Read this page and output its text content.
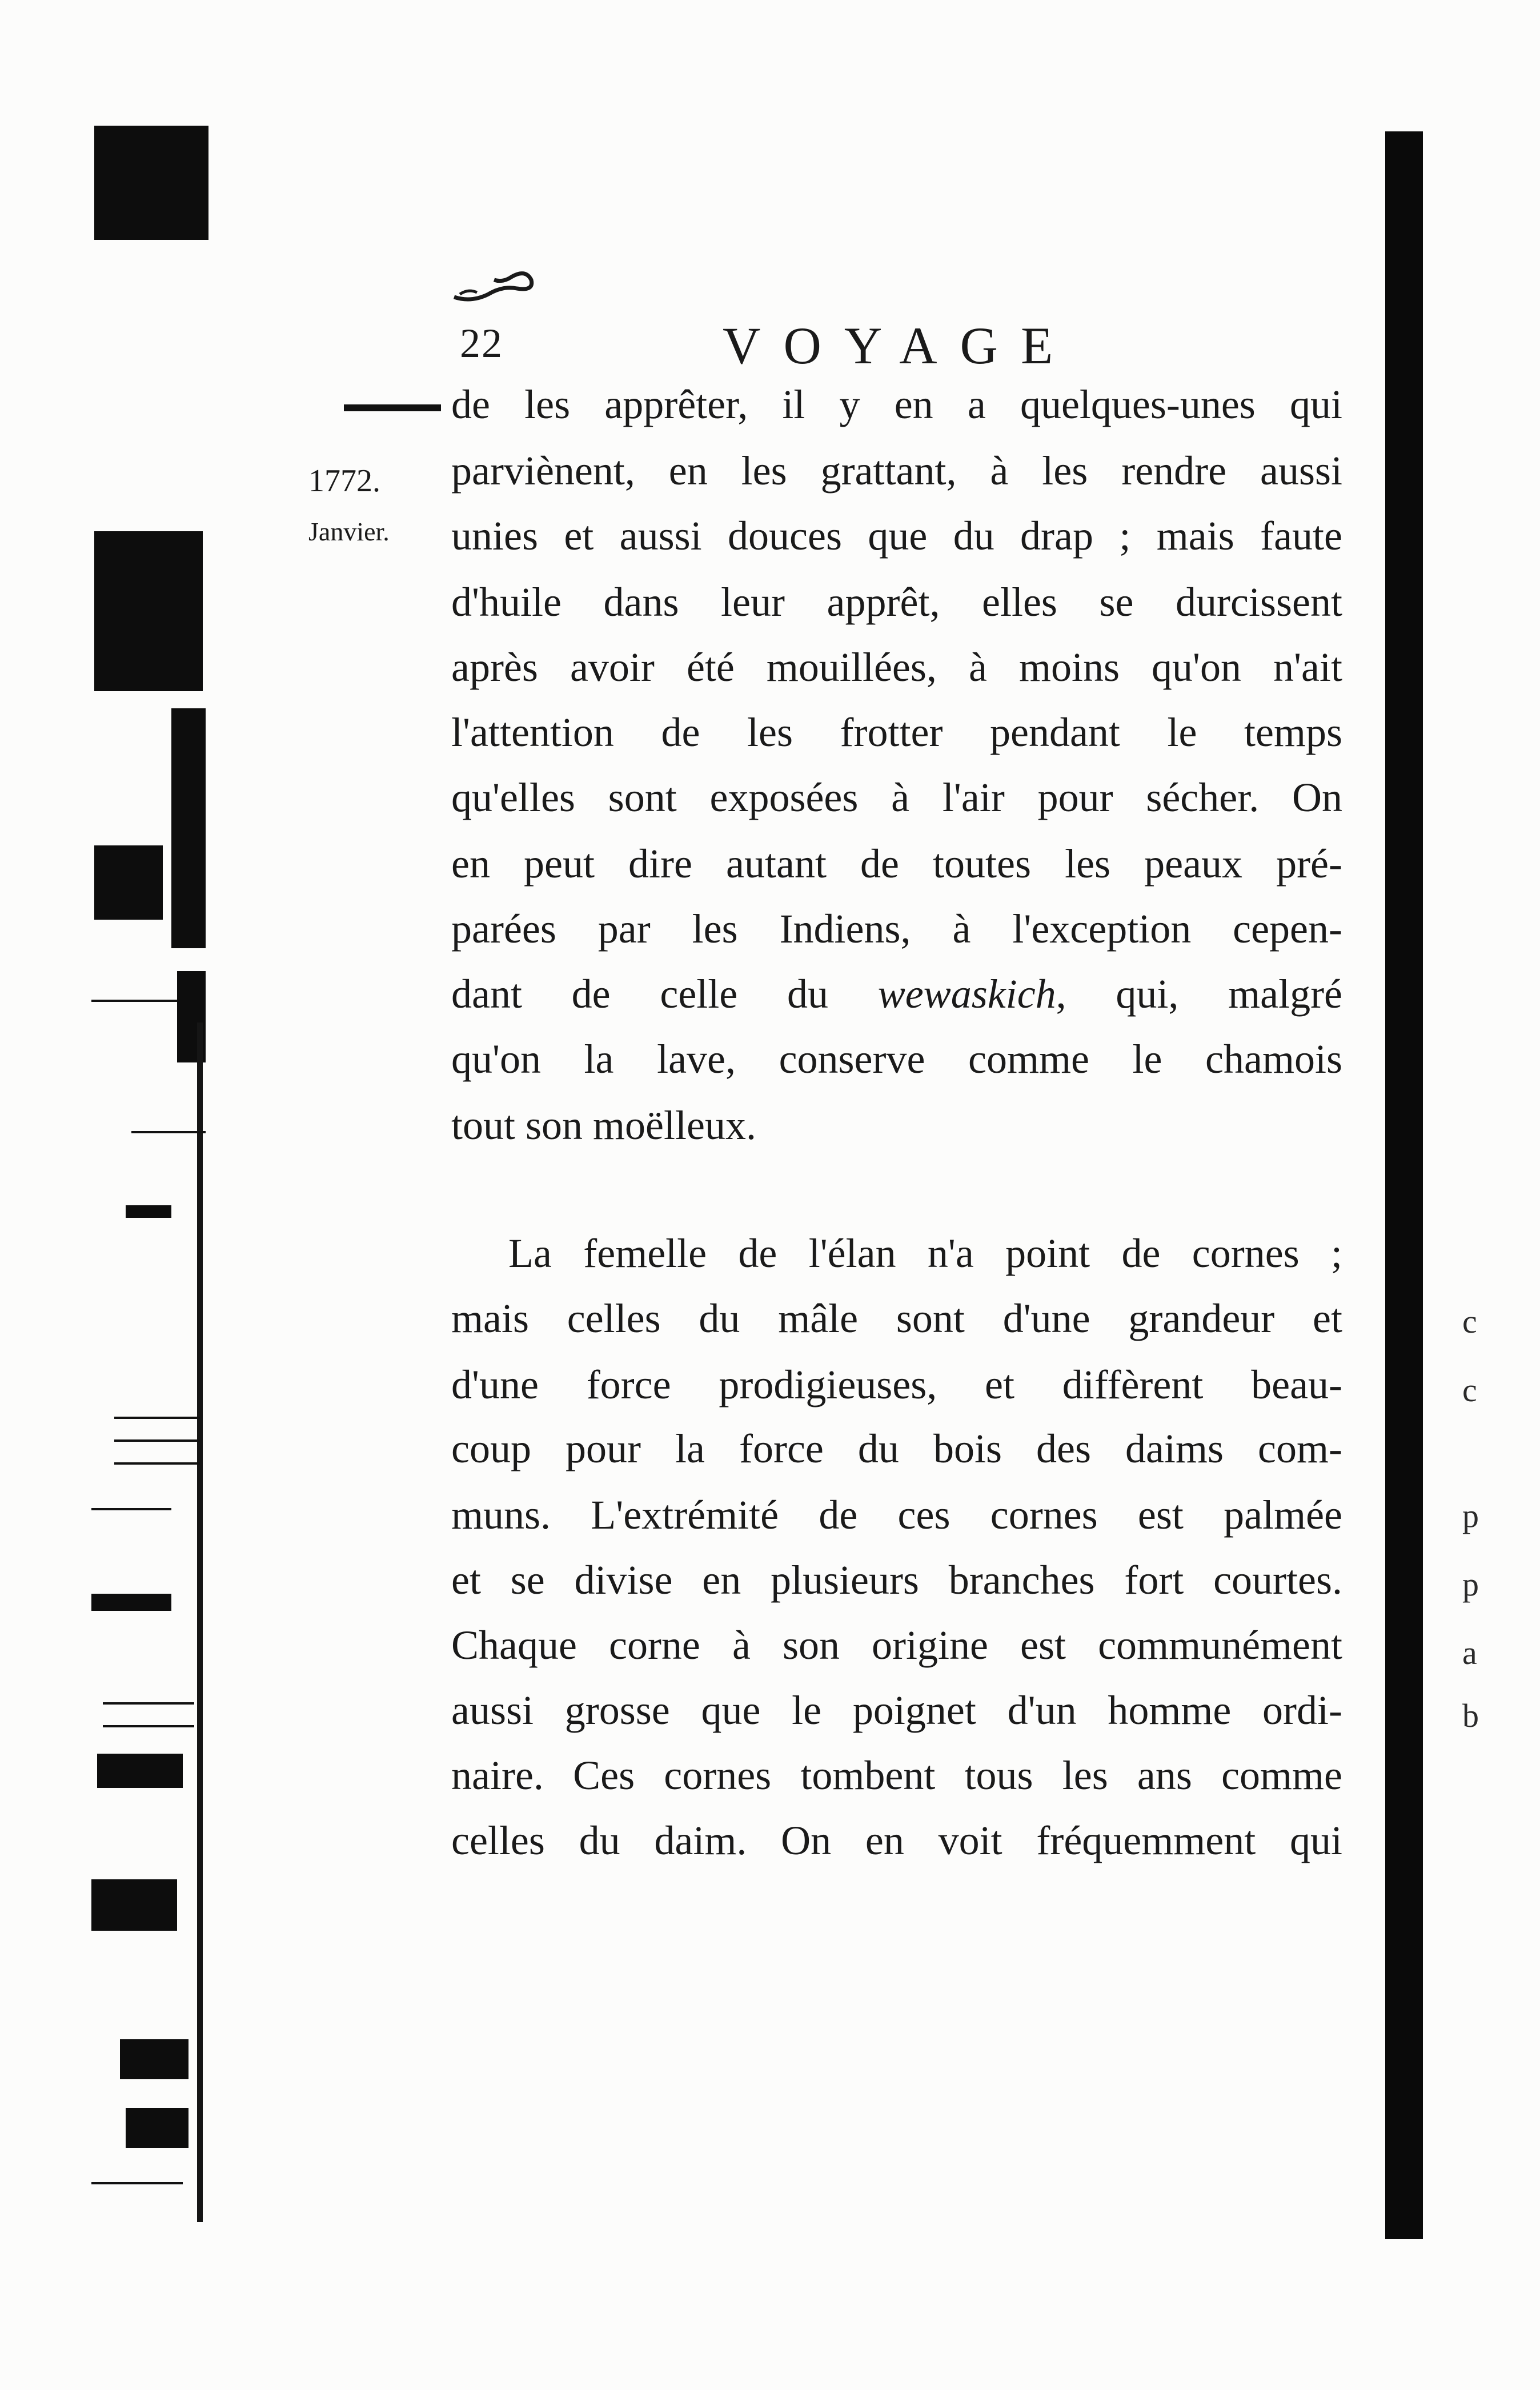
c
c
p
p
a
b
22	VOYAGE
1772.
Janvier.
de les apprêter, il y en a quelques-unes qui
parviènent, en les grattant, à les rendre aussi
unies et aussi douces que du drap ; mais faute
d'huile dans leur apprêt, elles se durcissent
après avoir été mouillées, à moins qu'on n'ait
l'attention de les frotter pendant le temps
qu'elles sont exposées à l'air pour sécher. On
en peut dire autant de toutes les peaux pré-
parées par les Indiens, à l'exception cepen-
dant de celle du wewaskich, qui, malgré
qu'on la lave, conserve comme le chamois
tout son moëlleux.
La femelle de l'élan n'a point de cornes ;
mais celles du mâle sont d'une grandeur et
d'une force prodigieuses, et diffèrent beau-
coup pour la force du bois des daims com-
muns. L'extrémité de ces cornes est palmée
et se divise en plusieurs branches fort courtes.
Chaque corne à son origine est communément
aussi grosse que le poignet d'un homme ordi-
naire. Ces cornes tombent tous les ans comme
celles du daim. On en voit fréquemment qui
